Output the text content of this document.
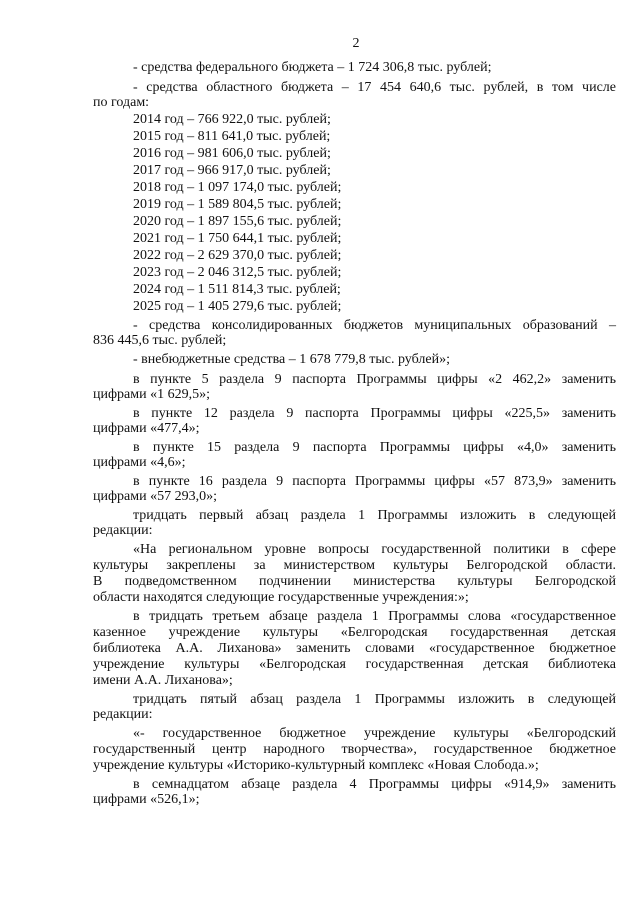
2
- средства федерального бюджета – 1 724 306,8 тыс. рублей;
- средства областного бюджета – 17 454 640,6 тыс. рублей, в том числе
по годам:
2014 год – 766 922,0 тыс. рублей;
2015 год – 811 641,0 тыс. рублей;
2016 год – 981 606,0 тыс. рублей;
2017 год – 966 917,0 тыс. рублей;
2018 год – 1 097 174,0 тыс. рублей;
2019 год – 1 589 804,5 тыс. рублей;
2020 год – 1 897 155,6 тыс. рублей;
2021 год – 1 750 644,1 тыс. рублей;
2022 год – 2 629 370,0 тыс. рублей;
2023 год – 2 046 312,5 тыс. рублей;
2024 год – 1 511 814,3 тыс. рублей;
2025 год – 1 405 279,6 тыс. рублей;
- средства консолидированных бюджетов муниципальных образований –
836 445,6 тыс. рублей;
- внебюджетные средства – 1 678 779,8 тыс. рублей»;
в пункте 5 раздела 9 паспорта Программы цифры «2 462,2» заменить
цифрами «1 629,5»;
в пункте 12 раздела 9 паспорта Программы цифры «225,5» заменить
цифрами «477,4»;
в пункте 15 раздела 9 паспорта Программы цифры «4,0» заменить
цифрами «4,6»;
в пункте 16 раздела 9 паспорта Программы цифры «57 873,9» заменить
цифрами «57 293,0»;
тридцать первый абзац раздела 1 Программы изложить в следующей
редакции:
«На региональном уровне вопросы государственной политики в сфере
культуры закреплены за министерством культуры Белгородской области.
В подведомственном подчинении министерства культуры Белгородской
области находятся следующие государственные учреждения:»;
в тридцать третьем абзаце раздела 1 Программы слова «государственное
казенное учреждение культуры «Белгородская государственная детская
библиотека А.А. Лиханова» заменить словами «государственное бюджетное
учреждение культуры «Белгородская государственная детская библиотека
имени А.А. Лиханова»;
тридцать пятый абзац раздела 1 Программы изложить в следующей
редакции:
«- государственное бюджетное учреждение культуры «Белгородский
государственный центр народного творчества», государственное бюджетное
учреждение культуры «Историко-культурный комплекс «Новая Слобода.»;
в семнадцатом абзаце раздела 4 Программы цифры «914,9» заменить
цифрами «526,1»;
